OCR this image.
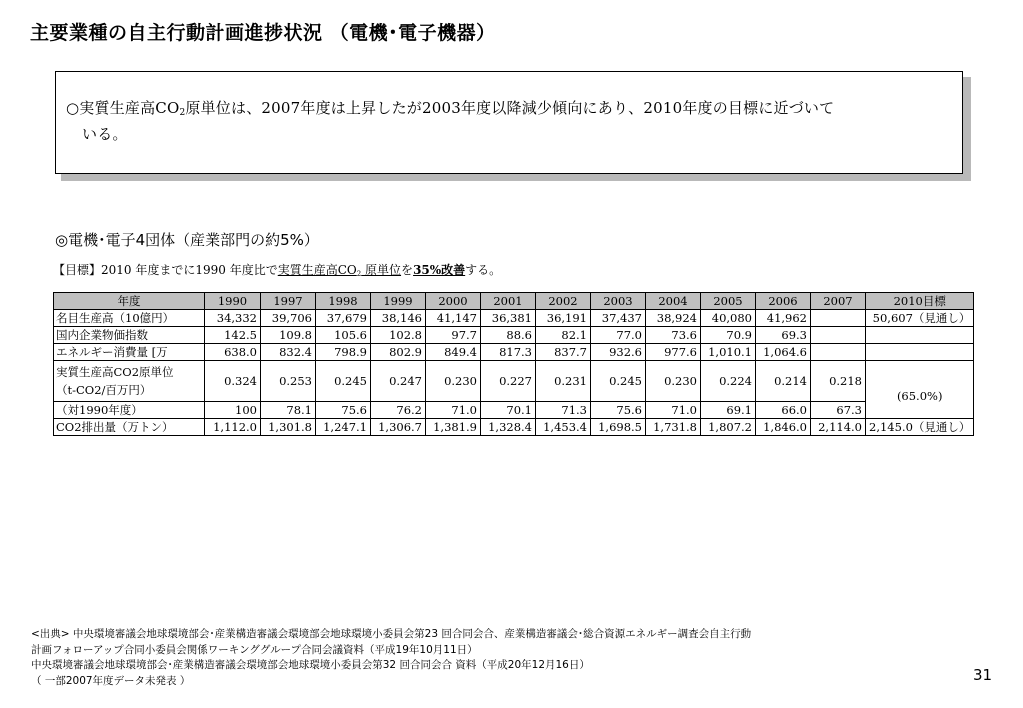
主要業種の自主行動計画進捗状況 （電機･電子機器）
○実質生産高$CO_2$原単位は、2007年度は上昇したが2003年度以降減少傾向にあり、2010年度の目標に近づいて
いる。
◎電機･電子4団体（産業部門の約5%）
【目標】2010 年度までに1990 年度比で実質生産高$CO_2$ 原単位を35%改善する。
年度	1990	1997	1998	1999	2000	2001	2002	2003	2004	2005	2006	2007	2010目標
名目生産高（10億円）	34,332	39,706	37,679	38,146	41,147	36,381	36,191	37,437	38,924	40,080	41,962		50,607（見通し）
国内企業物価指数	142.5	109.8	105.6	102.8	97.7	88.6	82.1	77.0	73.6	70.9	69.3		
エネルギー消費量 [万	638.0	832.4	798.9	802.9	849.4	817.3	837.7	932.6	977.6	1,010.1	1,064.6		
実質生産高CO2原単位
（t-CO2/百万円）	0.324	0.253	0.245	0.247	0.230	0.227	0.231	0.245	0.230	0.224	0.214	0.218	(65.0%)
（対1990年度）	100	78.1	75.6	76.2	71.0	70.1	71.3	75.6	71.0	69.1	66.0	67.3	
CO2排出量（万トン）	1,112.0	1,301.8	1,247.1	1,306.7	1,381.9	1,328.4	1,453.4	1,698.5	1,731.8	1,807.2	1,846.0	2,114.0	2,145.0（見通し）
<出典> 中央環境審議会地球環境部会･産業構造審議会環境部会地球環境小委員会第23 回合同会合、産業構造審議会･総合資源エネルギー調査会自主行動
計画フォローアップ合同小委員会関係ワーキンググループ合同会議資料（平成19年10月11日）
中央環境審議会地球環境部会･産業構造審議会環境部会地球環境小委員会第32 回合同会合 資料（平成20年12月16日）
（ 一部2007年度データ未発表 ）	31
